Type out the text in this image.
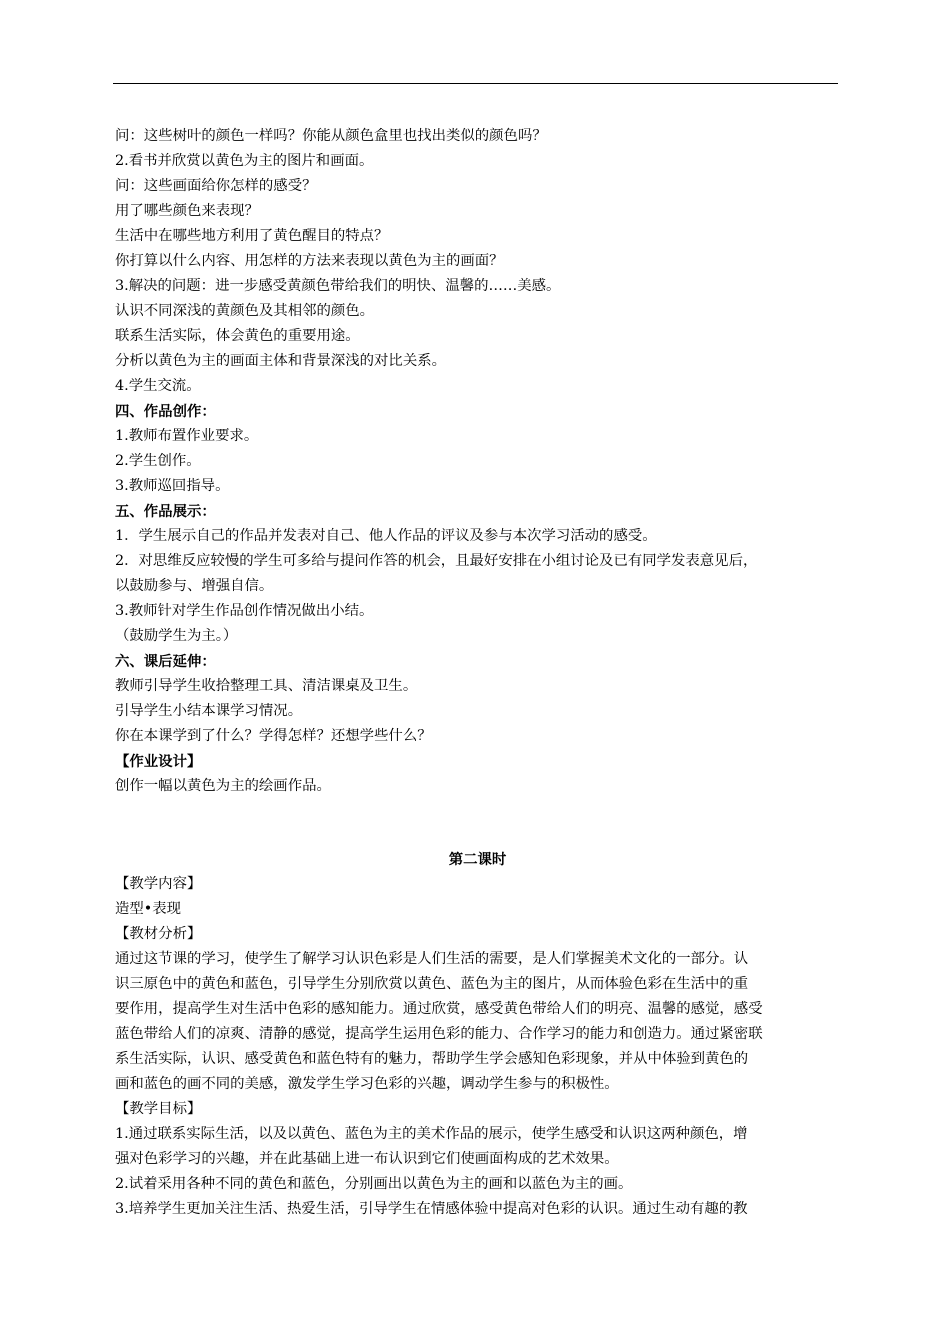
问：这些树叶的颜色一样吗？你能从颜色盒里也找出类似的颜色吗？
2.看书并欣赏以黄色为主的图片和画面。
问：这些画面给你怎样的感受？
用了哪些颜色来表现？
生活中在哪些地方利用了黄色醒目的特点？
你打算以什么内容、用怎样的方法来表现以黄色为主的画面？
3.解决的问题：进一步感受黄颜色带给我们的明快、温馨的……美感。
认识不同深浅的黄颜色及其相邻的颜色。
联系生活实际，体会黄色的重要用途。
分析以黄色为主的画面主体和背景深浅的对比关系。
4.学生交流。
四、作品创作：
1.教师布置作业要求。
2.学生创作。
3.教师巡回指导。
五、作品展示：
1．学生展示自己的作品并发表对自己、他人作品的评议及参与本次学习活动的感受。
2．对思维反应较慢的学生可多给与提问作答的机会，且最好安排在小组讨论及已有同学发表意见后，
以鼓励参与、增强自信。
3.教师针对学生作品创作情况做出小结。
（鼓励学生为主。）
六、课后延伸：
教师引导学生收拾整理工具、清洁课桌及卫生。
引导学生小结本课学习情况。
你在本课学到了什么？学得怎样？还想学些什么？
【作业设计】
创作一幅以黄色为主的绘画作品。
第二课时
【教学内容】
造型•表现
【教材分析】
通过这节课的学习，使学生了解学习认识色彩是人们生活的需要，是人们掌握美术文化的一部分。认
识三原色中的黄色和蓝色，引导学生分别欣赏以黄色、蓝色为主的图片，从而体验色彩在生活中的重
要作用，提高学生对生活中色彩的感知能力。通过欣赏，感受黄色带给人们的明亮、温馨的感觉，感受
蓝色带给人们的凉爽、清静的感觉，提高学生运用色彩的能力、合作学习的能力和创造力。通过紧密联
系生活实际，认识、感受黄色和蓝色特有的魅力，帮助学生学会感知色彩现象，并从中体验到黄色的
画和蓝色的画不同的美感，激发学生学习色彩的兴趣，调动学生参与的积极性。
【教学目标】
1.通过联系实际生活，以及以黄色、蓝色为主的美术作品的展示，使学生感受和认识这两种颜色，增
强对色彩学习的兴趣，并在此基础上进一布认识到它们使画面构成的艺术效果。
2.试着采用各种不同的黄色和蓝色，分别画出以黄色为主的画和以蓝色为主的画。
3.培养学生更加关注生活、热爱生活，引导学生在情感体验中提高对色彩的认识。通过生动有趣的教
